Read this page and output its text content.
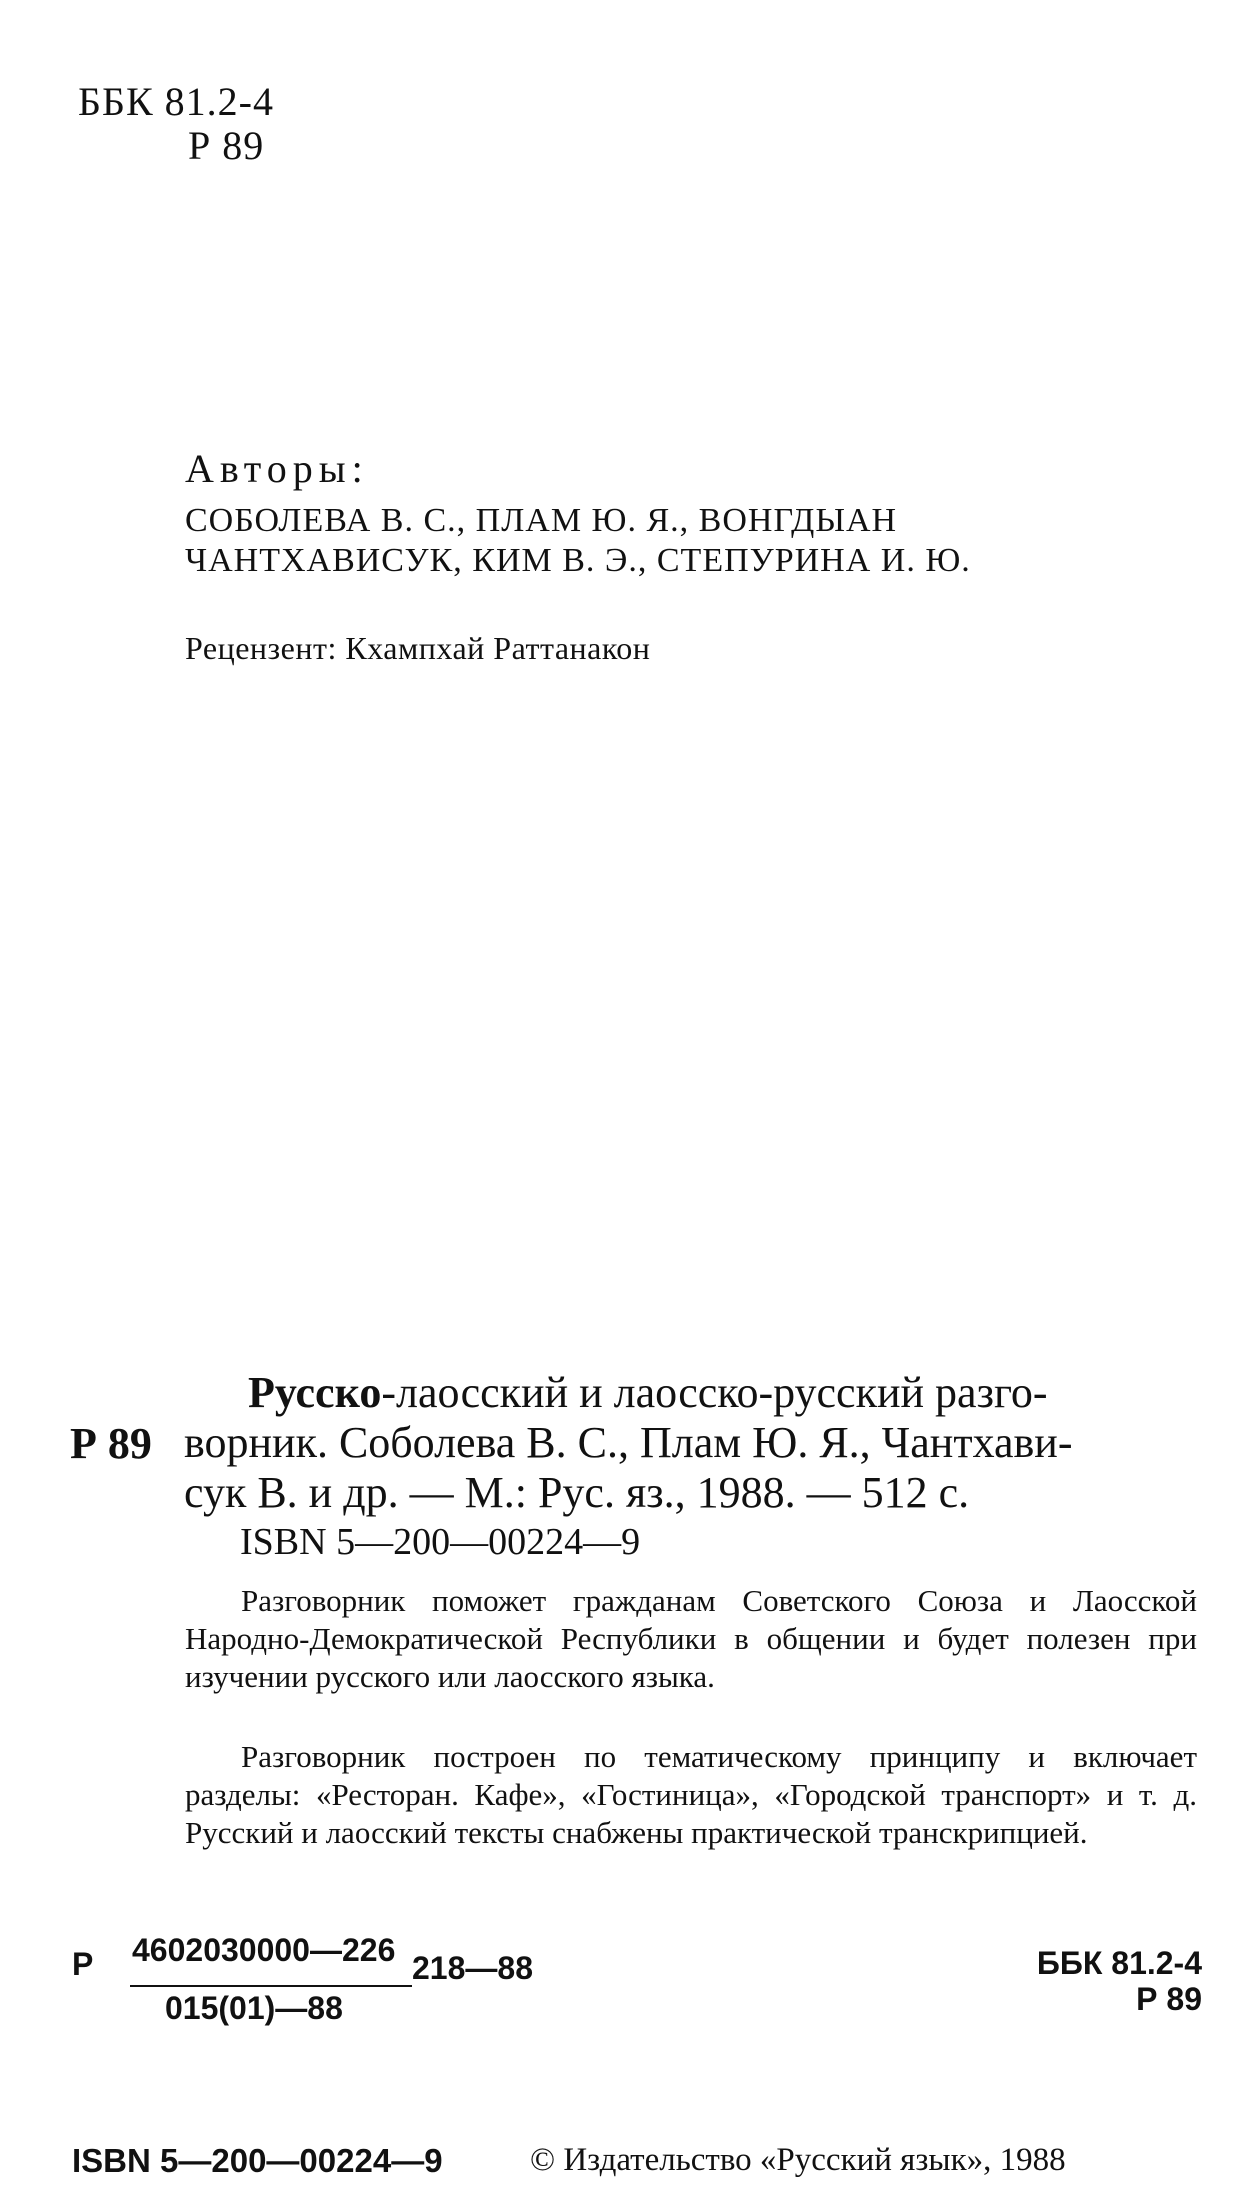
ББК 81.2-4
Р 89
Авторы:
СОБОЛЕВА В. С., ПЛАМ Ю. Я., ВОНГДЫАН
ЧАНТХАВИСУК, КИМ В. Э., СТЕПУРИНА И. Ю.
Рецензент: Кхампхай Раттанакон
Русско-лаосский и лаосско-русский разго-
Р 89 ворник. Соболева В. С., Плам Ю. Я., Чантхави-
сук В. и др. — М.: Рус. яз., 1988. — 512 с.
ISBN 5—200—00224—9
Разговорник поможет гражданам Советского Союза и Лаосской Народно-Демократической Республики в общении и будет полезен при изучении русского или лаосского языка.
Разговорник построен по тематическому принципу и включает разделы: «Ресторан. Кафе», «Гостиница», «Городской транспорт» и т. д. Русский и лаосский тексты снабжены практической транскрипцией.
Р 4602030000—226 218—88
015(01)—88
ББК 81.2-4
Р 89
ISBN 5—200—00224—9	© Издательство «Русский язык», 1988
